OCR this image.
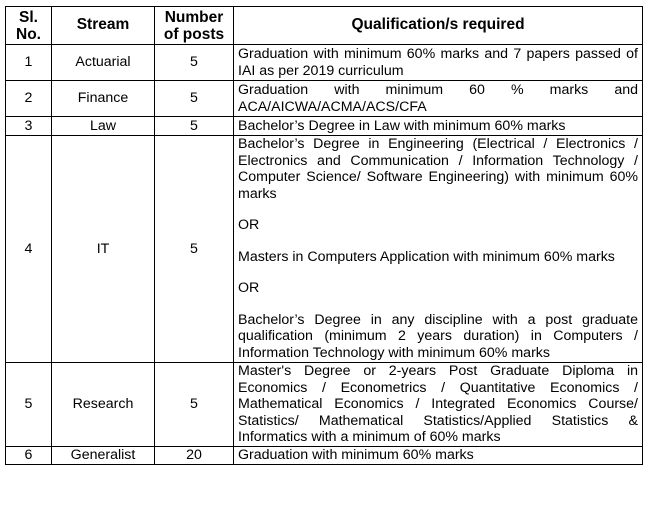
Sl. No.	Stream	Number of posts	Qualification/s required
1	Actuarial	5	Graduation with minimum 60% marks and 7 papers passed of IAI as per 2019 curriculum
2	Finance	5	Graduation with minimum 60 % marks and ACA/AICWA/ACMA/ACS/CFA
3	Law	5	Bachelor’s Degree in Law with minimum 60% marks
4	IT	5	Bachelor’s Degree in Engineering (Electrical / Electronics / Electronics and Communication / Information Technology / Computer Science/ Software Engineering) with minimum 60% marks
OR
Masters in Computers Application with minimum 60% marks
OR
Bachelor’s Degree in any discipline with a post graduate qualification (minimum 2 years duration) in Computers / Information Technology with minimum 60% marks

5	Research	5	Master's Degree or 2-years Post Graduate Diploma in Economics / Econometrics / Quantitative Economics / Mathematical Economics / Integrated Economics Course/ Statistics/ Mathematical Statistics/Applied Statistics & Informatics with a minimum of 60% marks
6	Generalist	20	Graduation with minimum 60% marks
